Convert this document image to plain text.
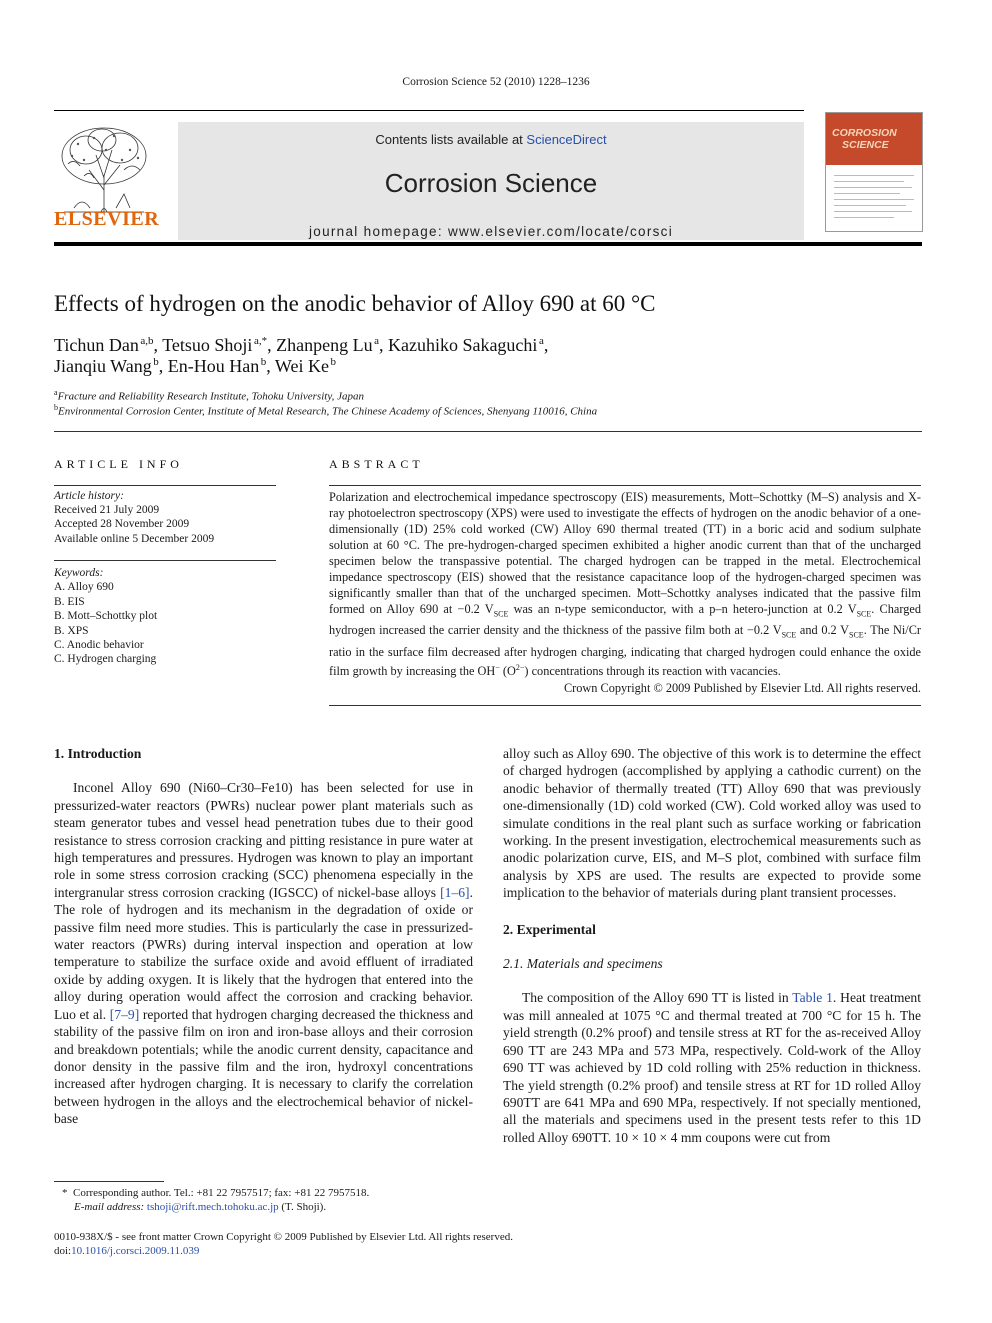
Corrosion Science 52 (2010) 1228–1236
ELSEVIER
Contents lists available at ScienceDirect
Corrosion Science
journal homepage: www.elsevier.com/locate/corsci
CORROSION
SCIENCE
Effects of hydrogen on the anodic behavior of Alloy 690 at 60 °C
Tichun Dan  $^{a,b}$, Tetsuo Shoji  $^{a,*}$, Zhanpeng Lu  $^a$, Kazuhiko Sakaguchi  $^a$,
Jianqiu Wang  $^b$, En-Hou Han  $^b$, Wei Ke  $^b$
$^a$Fracture and Reliability Research Institute, Tohoku University, Japan
$^b$Environmental Corrosion Center, Institute of Metal Research, The Chinese Academy of Sciences, Shenyang 110016, China
ARTICLE INFO
Article history:
Received 21 July 2009
Accepted 28 November 2009
Available online 5 December 2009
Keywords:
A. Alloy 690
B. EIS
B. Mott–Schottky plot
B. XPS
C. Anodic behavior
C. Hydrogen charging
ABSTRACT
Polarization and electrochemical impedance spectroscopy (EIS) measurements, Mott–Schottky (M–S) analysis and X-ray photoelectron spectroscopy (XPS) were used to investigate the effects of hydrogen on the anodic behavior of a one-dimensionally (1D) 25% cold worked (CW) Alloy 690 thermal treated (TT) in a boric acid and sodium sulphate solution at 60 °C. The pre-hydrogen-charged specimen exhibited a higher anodic current than that of the uncharged specimen below the transpassive potential. The charged hydrogen can be trapped in the metal. Electrochemical impedance spectroscopy (EIS) showed that the resistance capacitance loop of the hydrogen-charged specimen was significantly smaller than that of the uncharged specimen. Mott–Schottky analyses indicated that the passive film formed on Alloy 690 at −0.2 $V_{SCE}$ was an n-type semiconductor, with a p–n hetero-junction at 0.2 $V_{SCE}$. Charged hydrogen increased the carrier density and the thickness of the passive film both at −0.2 $V_{SCE}$ and 0.2 $V_{SCE}$. The Ni/Cr ratio in the surface film decreased after hydrogen charging, indicating that charged hydrogen could enhance the oxide film growth by increasing the OH− $(O^{2-})$ concentrations through its reaction with vacancies.
Crown Copyright © 2009 Published by Elsevier Ltd. All rights reserved.
1. Introduction

Inconel Alloy 690 (Ni60–Cr30–Fe10) has been selected for use in pressurized-water reactors (PWRs) nuclear power plant materials such as steam generator tubes and vessel head penetration tubes due to their good resistance to stress corrosion cracking and pitting resistance in pure water at high temperatures and pressures. Hydrogen was known to play an important role in some stress corrosion cracking (SCC) phenomena especially in the intergranular stress corrosion cracking (IGSCC) of nickel-base alloys [1–6]. The role of hydrogen and its mechanism in the degradation of oxide or passive film need more studies. This is particularly the case in pressurized-water reactors (PWRs) during interval inspection and operation at low temperature to stabilize the surface oxide and avoid effluent of irradiated oxide by adding oxygen. It is likely that the hydrogen that entered into the alloy during operation would affect the corrosion and cracking behavior. Luo et al. [7–9] reported that hydrogen charging decreased the thickness and stability of the passive film on iron and iron-base alloys and their corrosion and breakdown potentials; while the anodic current density, capacitance and donor density in the passive film and the iron, hydroxyl concentrations increased after hydrogen charging. It is necessary to clarify the correlation between hydrogen in the alloys and the electrochemical behavior of nickel-base

alloy such as Alloy 690. The objective of this work is to determine the effect of charged hydrogen (accomplished by applying a cathodic current) on the anodic behavior of thermally treated (TT) Alloy 690 that was previously one-dimensionally (1D) cold worked (CW). Cold worked alloy was used to simulate conditions in the real plant such as surface working or fabrication working. In the present investigation, electrochemical measurements such as anodic polarization curve, EIS, and M–S plot, combined with surface film analysis by XPS are used. The results are expected to provide some implication to the behavior of materials during plant transient processes.

2. Experimental
2.1. Materials and specimens

The composition of the Alloy 690 TT is listed in Table 1. Heat treatment was mill annealed at 1075 °C and thermal treated at 700 °C for 15 h. The yield strength (0.2% proof) and tensile stress at RT for the as-received Alloy 690 TT are 243 MPa and 573 MPa, respectively. Cold-work of the Alloy 690 TT was achieved by 1D cold rolling with 25% reduction in thickness. The yield strength (0.2% proof) and tensile stress at RT for 1D rolled Alloy 690TT are 641 MPa and 690 MPa, respectively. If not specially mentioned, all the materials and specimens used in the present tests refer to this 1D rolled Alloy 690TT. 10 × 10 × 4 mm coupons were cut from

* Corresponding author. Tel.: +81 22 7957517; fax: +81 22 7957518.
E-mail address: tshoji@rift.mech.tohoku.ac.jp (T. Shoji).
0010-938X/$ - see front matter Crown Copyright © 2009 Published by Elsevier Ltd. All rights reserved.
doi:10.1016/j.corsci.2009.11.039
